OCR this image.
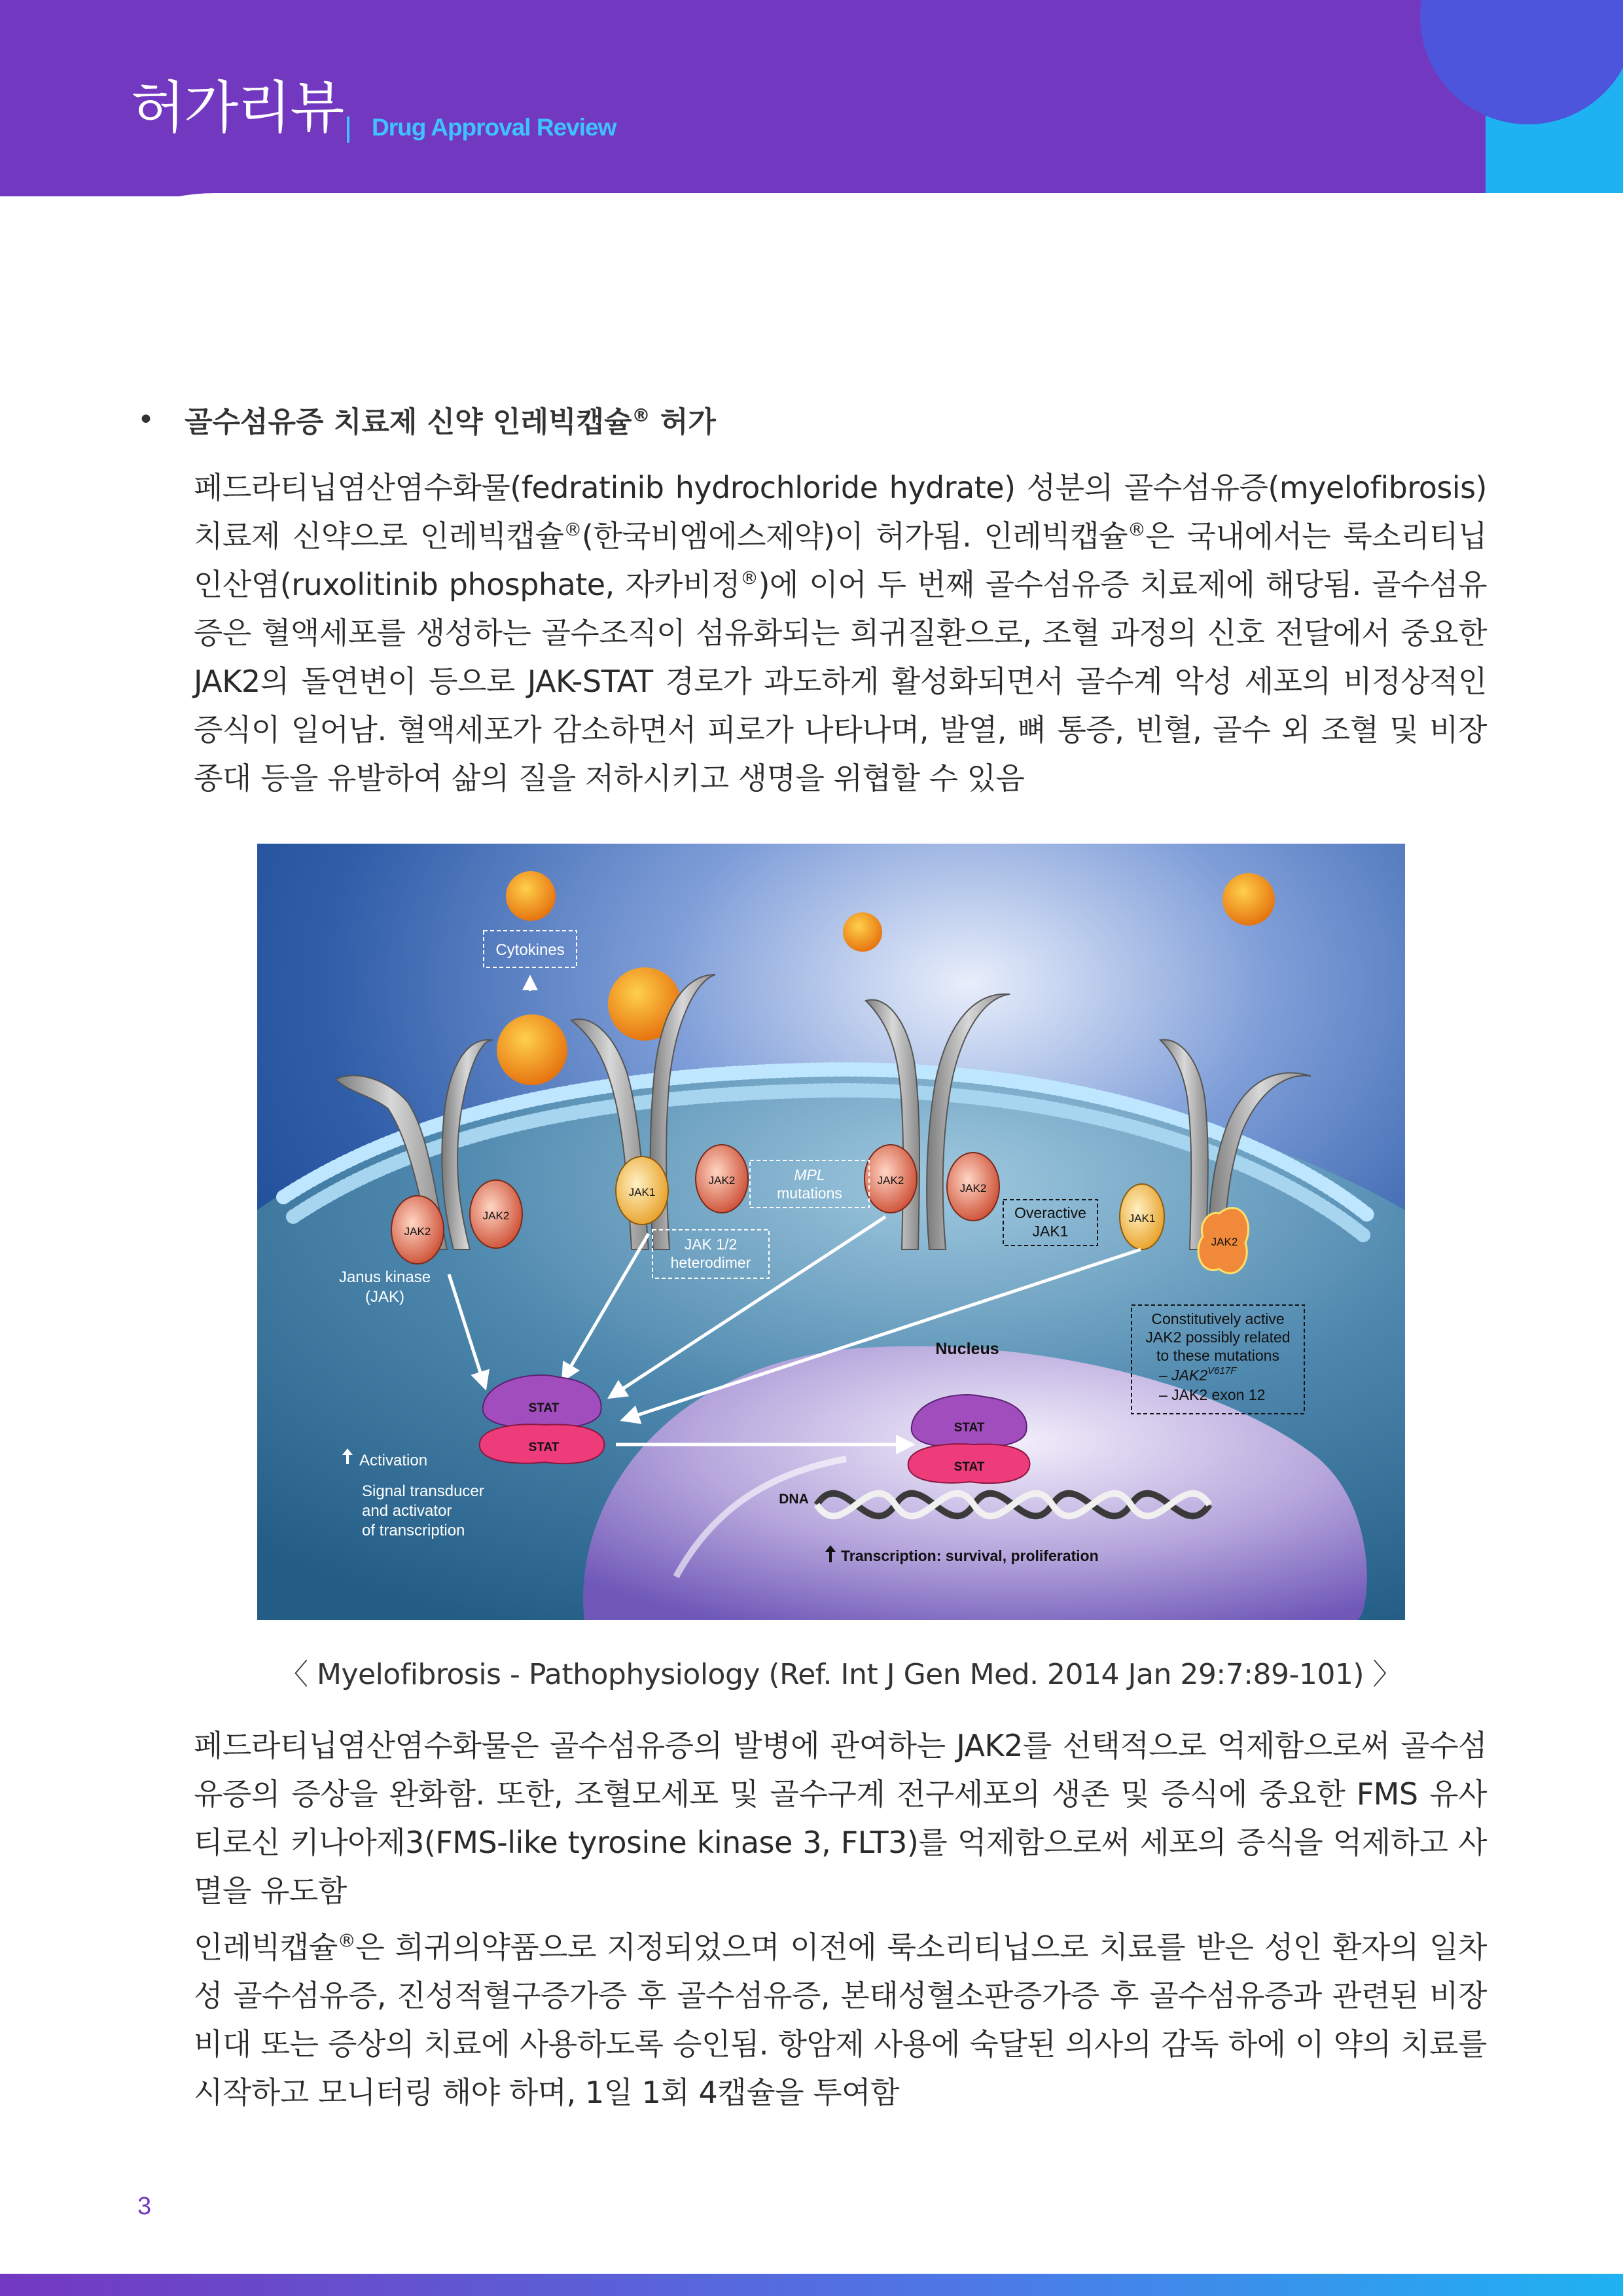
허가리뷰 Drug Approval Review
• 골수섬유증 치료제 신약 인레빅캡슐® 허가

페드라티닙염산염수화물(fedratinib hydrochloride hydrate) 성분의 골수섬유증(myelofibrosis) 치료제 신약으로 인레빅캡슐®(한국비엠에스제약)이 허가됨. 인레빅캡슐®은 국내에서는 룩소리티닙인산염(ruxolitinib phosphate, 자카비정®)에 이어 두 번째 골수섬유증 치료제에 해당됨. 골수섬유증은 혈액세포를 생성하는 골수조직이 섬유화되는 희귀질환으로, 조혈 과정의 신호 전달에서 중요한 JAK2의 돌연변이 등으로 JAK-STAT 경로가 과도하게 활성화되면서 골수계 악성 세포의 비정상적인 증식이 일어남. 혈액세포가 감소하면서 피로가 나타나며, 발열, 뼈 통증, 빈혈, 골수 외 조혈 및 비장 종대 등을 유발하여 삶의 질을 저하시키고 생명을 위협할 수 있음

Cytokines
JAK2
JAK2
JAK1
JAK2	JAK2
JAK2
JAK1
JAK2
Janus kinase
(JAK)
JAK 1/2
heterodimer
MPL
mutations
Overactive
JAK1
Constitutively active
JAK2 possibly related
to these mutations
– $JAK2^{V617F}$
– JAK2 exon 12
Nucleus
STAT
STAT
STAT
STAT
DNA
Transcription: survival, proliferation
Activation
Signal transducer
and activator
of transcription
〈 Myelofibrosis - Pathophysiology (Ref. Int J Gen Med. 2014 Jan 29:7:89-101) 〉

페드라티닙염산염수화물은 골수섬유증의 발병에 관여하는 JAK2를 선택적으로 억제함으로써 골수섬유증의 증상을 완화함. 또한, 조혈모세포 및 골수구계 전구세포의 생존 및 증식에 중요한 FMS 유사 티로신 키나아제3(FMS-like tyrosine kinase 3, FLT3)를 억제함으로써 세포의 증식을 억제하고 사멸을 유도함

인레빅캡슐®은 희귀의약품으로 지정되었으며 이전에 룩소리티닙으로 치료를 받은 성인 환자의 일차성 골수섬유증, 진성적혈구증가증 후 골수섬유증, 본태성혈소판증가증 후 골수섬유증과 관련된 비장비대 또는 증상의 치료에 사용하도록 승인됨. 항암제 사용에 숙달된 의사의 감독 하에 이 약의 치료를 시작하고 모니터링 해야 하며, 1일 1회 4캡슐을 투여함

3
